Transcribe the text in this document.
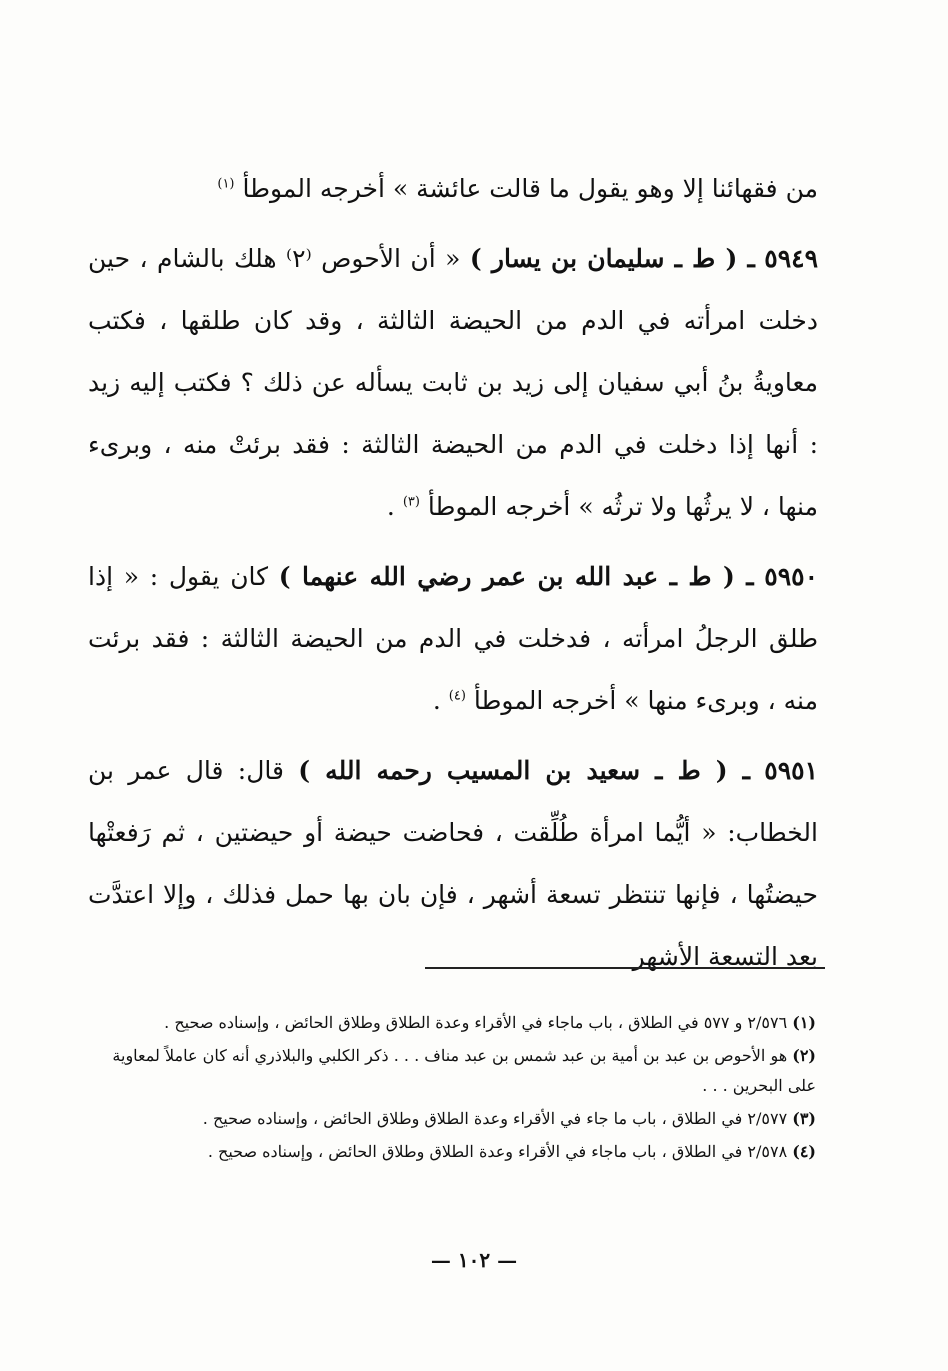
من فقهائنا إلا وهو يقول ما قالت عائشة » أخرجه الموطأ $^{(١)}$

٥٩٤٩ ـ ( ط ـ سليمان بن يسار ) « أن الأحوص ⁽٢⁾ هلك بالشام ، حين دخلت امرأته في الدم من الحيضة الثالثة ، وقد كان طلقها ، فكتب معاويةُ بنُ أبي سفيان إلى زيد بن ثابت يسأله عن ذلك ؟ فكتب إليه زيد : أنها إذا دخلت في الدم من الحيضة الثالثة : فقد برئتْ منه ، وبرىء منها ، لا يرثُها ولا ترثُه » أخرجه الموطأ $^{(٣)}$ .

٥٩٥٠ ـ ( ط ـ عبد الله بن عمر رضي الله عنهما ) كان يقول : « إذا طلق الرجلُ امرأته ، فدخلت في الدم من الحيضة الثالثة : فقد برئت منه ، وبرىء منها » أخرجه الموطأ $^{(٤)}$ .

٥٩٥١ ـ ( ط ـ سعيد بن المسيب رحمه الله ) قال: قال عمر بن الخطاب: « أيُّما امرأة طُلِّقت ، فحاضت حيضة أو حيضتين ، ثم رَفعتْها حيضتُها ، فإنها تنتظر تسعة أشهر ، فإن بان بها حمل فذلك ، وإلا اعتدَّت بعد التسعة الأشهر

(١) ٢/٥٧٦ و ٥٧٧ في الطلاق ، باب ماجاء في الأقراء وعدة الطلاق وطلاق الحائض ، وإسناده صحيح .

(٢) هو الأحوص بن عبد بن أمية بن عبد شمس بن عبد مناف . . . ذكر الكلبي والبلاذري أنه كان عاملاً لمعاوية على البحرين . . .

(٣) ٢/٥٧٧ في الطلاق ، باب ما جاء في الأقراء وعدة الطلاق وطلاق الحائض ، وإسناده صحيح .

(٤) ٢/٥٧٨ في الطلاق ، باب ماجاء في الأقراء وعدة الطلاق وطلاق الحائض ، وإسناده صحيح .

— ١٠٢ —
